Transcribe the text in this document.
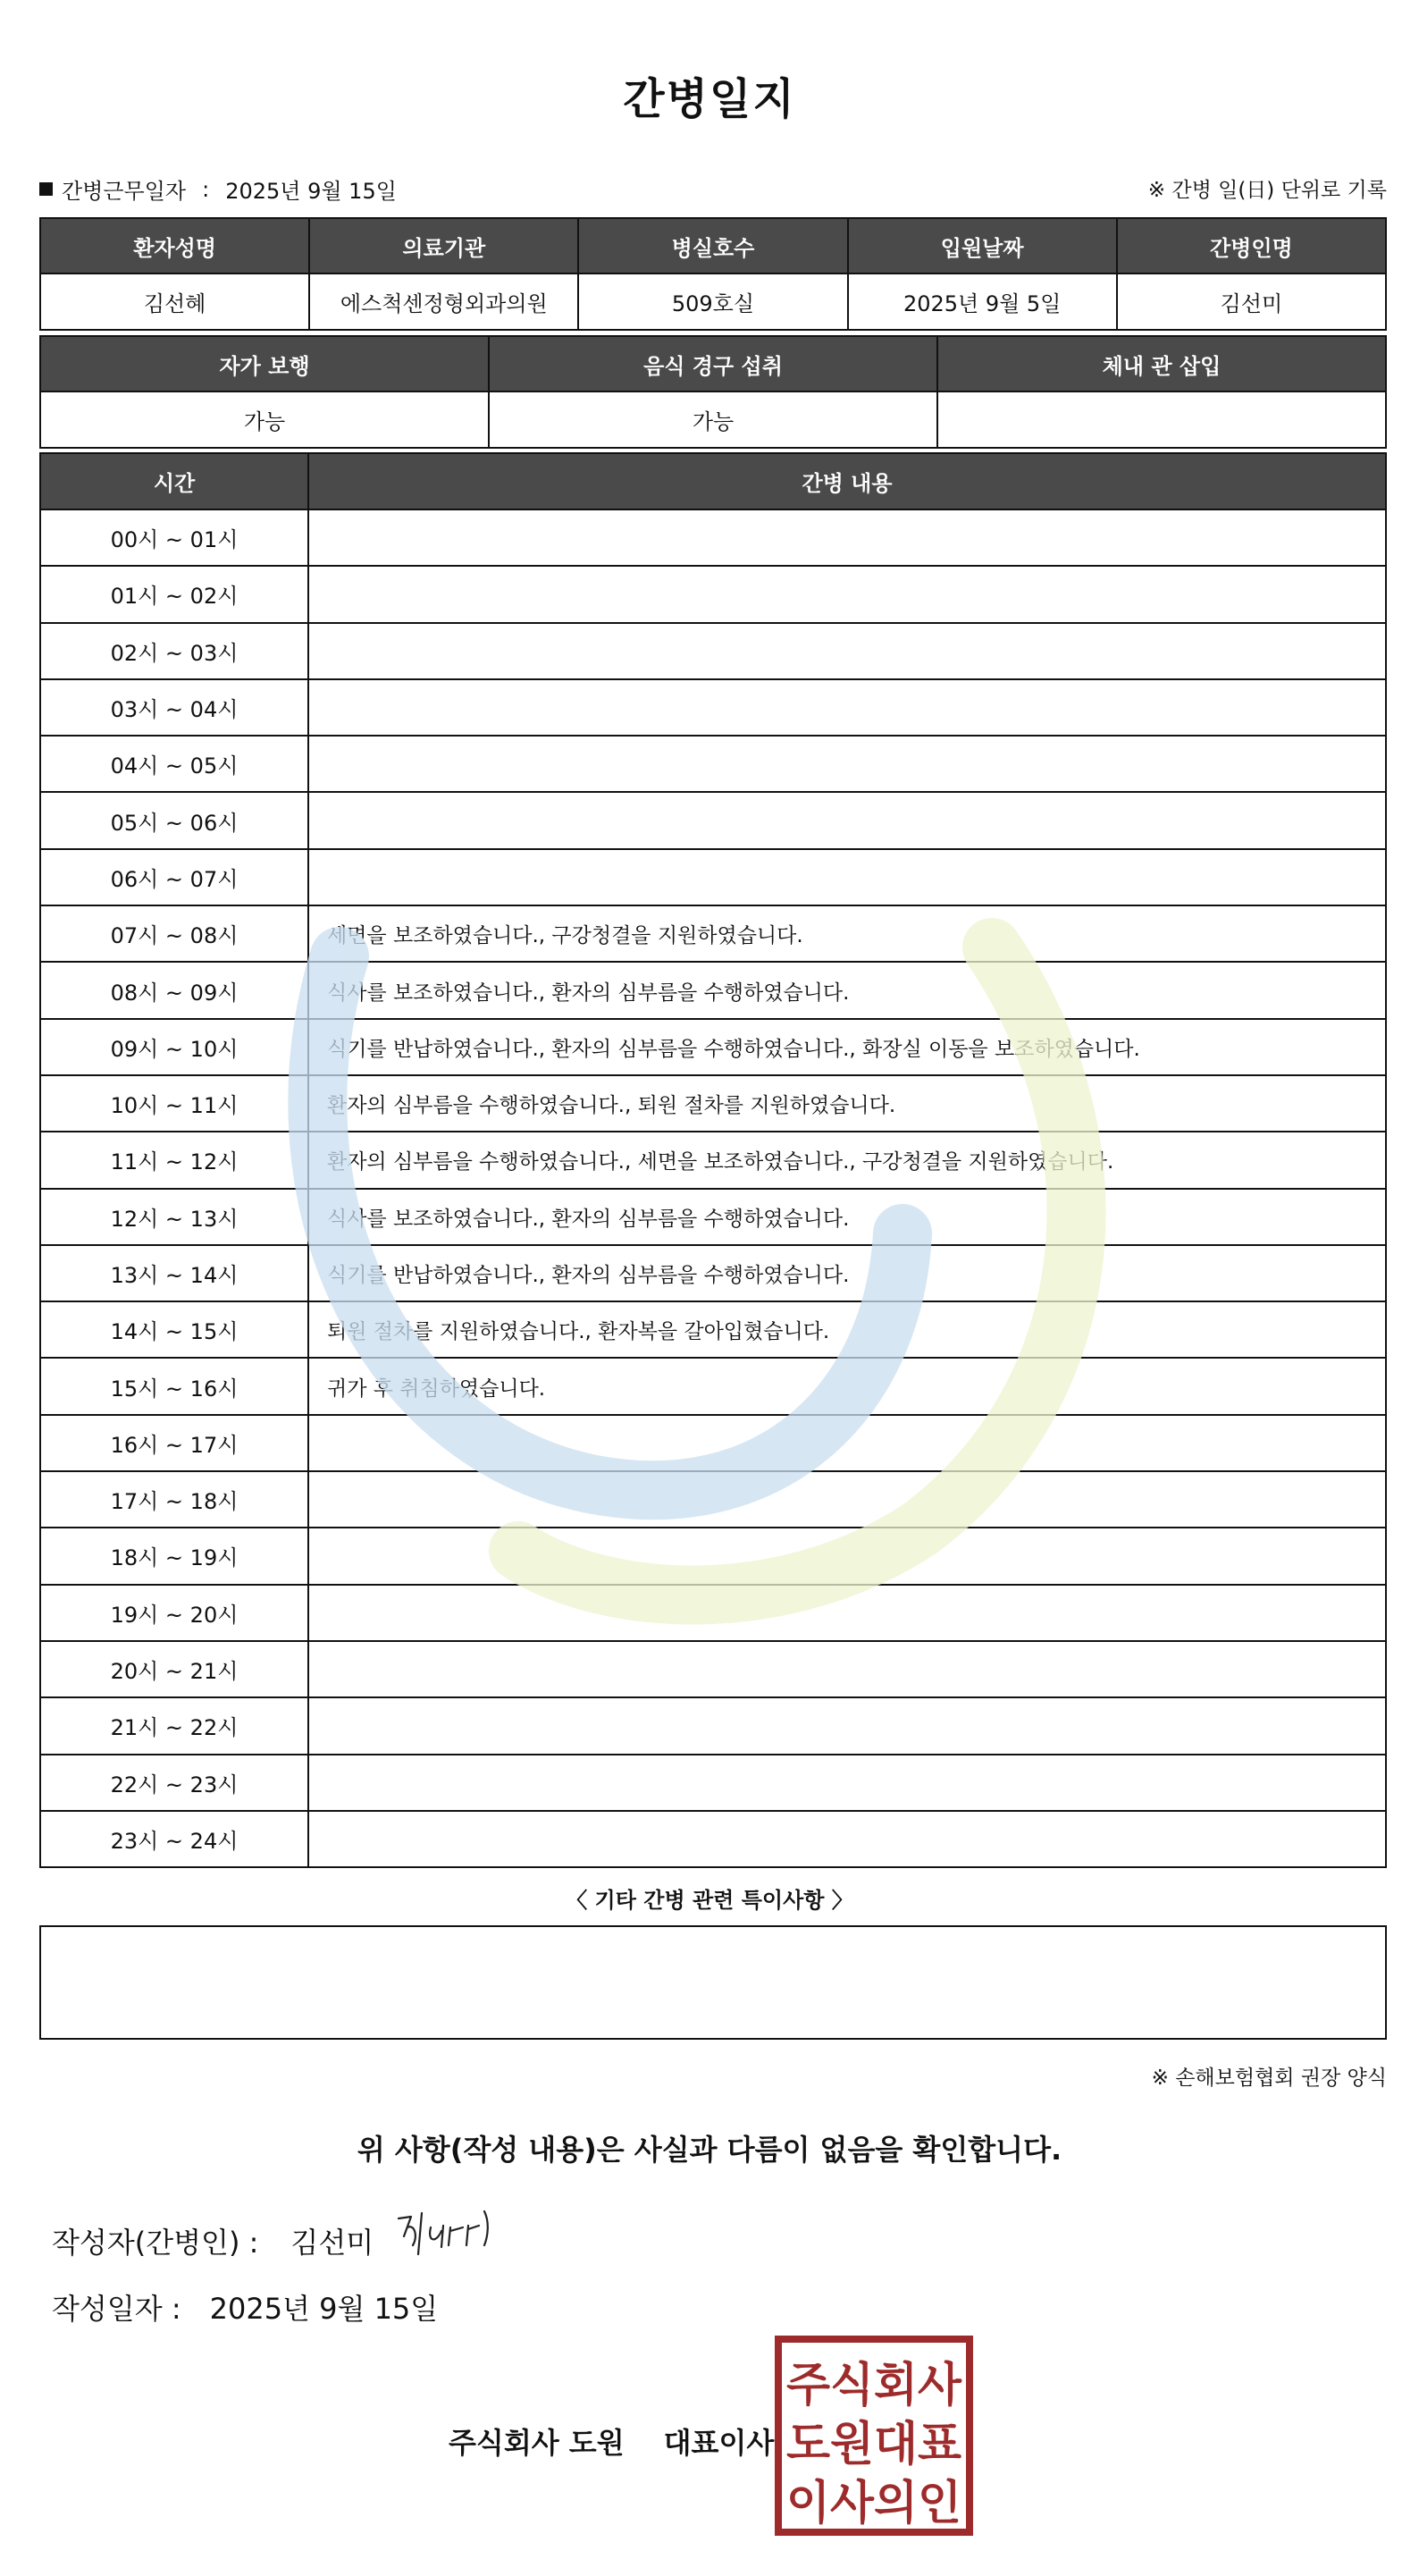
간병일지
간병근무일자 : 2025년 9월 15일	※ 간병 일(日) 단위로 기록
환자성명	의료기관	병실호수	입원날짜	간병인명
김선혜	에스척센정형외과의원	509호실	2025년 9월 5일	김선미
자가 보행	음식 경구 섭취	체내 관 삽입
가능	가능	
시간	간병 내용
00시 ~ 01시	
01시 ~ 02시	
02시 ~ 03시	
03시 ~ 04시	
04시 ~ 05시	
05시 ~ 06시	
06시 ~ 07시	
07시 ~ 08시	세면을 보조하였습니다., 구강청결을 지원하였습니다.
08시 ~ 09시	식사를 보조하였습니다., 환자의 심부름을 수행하였습니다.
09시 ~ 10시	식기를 반납하였습니다., 환자의 심부름을 수행하였습니다., 화장실 이동을 보조하였습니다.
10시 ~ 11시	환자의 심부름을 수행하였습니다., 퇴원 절차를 지원하였습니다.
11시 ~ 12시	환자의 심부름을 수행하였습니다., 세면을 보조하였습니다., 구강청결을 지원하였습니다.
12시 ~ 13시	식사를 보조하였습니다., 환자의 심부름을 수행하였습니다.
13시 ~ 14시	식기를 반납하였습니다., 환자의 심부름을 수행하였습니다.
14시 ~ 15시	퇴원 절차를 지원하였습니다., 환자복을 갈아입혔습니다.
15시 ~ 16시	귀가 후 취침하였습니다.
16시 ~ 17시	
17시 ~ 18시	
18시 ~ 19시	
19시 ~ 20시	
20시 ~ 21시	
21시 ~ 22시	
22시 ~ 23시	
23시 ~ 24시	
〈 기타 간병 관련 특이사항 〉
※ 손해보험협회 권장 양식
위 사항(작성 내용)은 사실과 다름이 없음을 확인합니다.
작성자(간병인) : 김선미
작성일자 : 2025년 9월 15일
주식회사 도원 대표이사
주식회사
도원대표
이사의인
